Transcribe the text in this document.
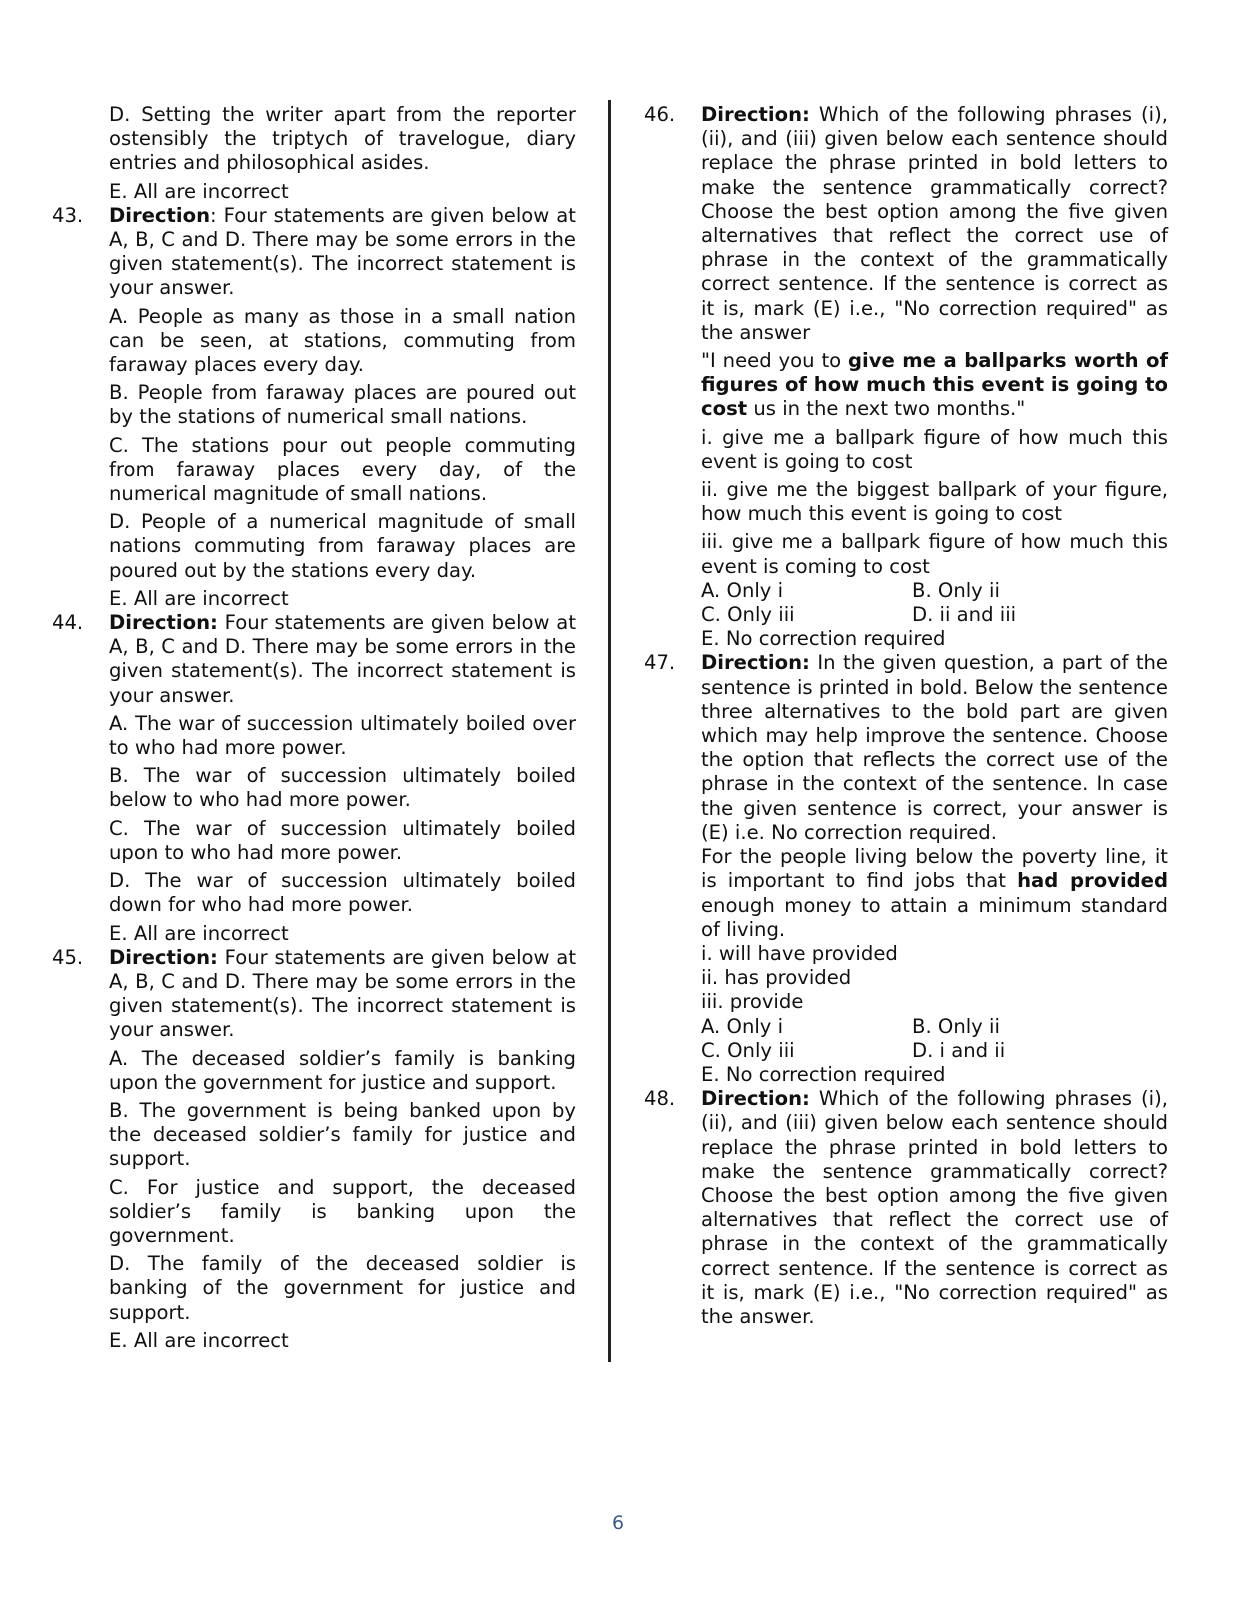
D. Setting the writer apart from the reporter ostensibly the triptych of travelogue, diary entries and philosophical asides.

E. All are incorrect

43.	Direction: Four statements are given below at A, B, C and D. There may be some errors in the given statement(s). The incorrect statement is your answer.

A. People as many as those in a small nation can be seen, at stations, commuting from faraway places every day.

B. People from faraway places are poured out by the stations of numerical small nations.

C. The stations pour out people commuting from faraway places every day, of the numerical magnitude of small nations.

D. People of a numerical magnitude of small nations commuting from faraway places are poured out by the stations every day.

E. All are incorrect

44.	Direction: Four statements are given below at A, B, C and D. There may be some errors in the given statement(s). The incorrect statement is your answer.

A. The war of succession ultimately boiled over to who had more power.

B. The war of succession ultimately boiled below to who had more power.

C. The war of succession ultimately boiled upon to who had more power.

D. The war of succession ultimately boiled down for who had more power.

E. All are incorrect

45.	Direction: Four statements are given below at A, B, C and D. There may be some errors in the given statement(s). The incorrect statement is your answer.

A. The deceased soldier’s family is banking upon the government for justice and support.

B. The government is being banked upon by the deceased soldier’s family for justice and support.

C. For justice and support, the deceased soldier’s family is banking upon the government.

D. The family of the deceased soldier is banking of the government for justice and support.

E. All are incorrect

46.	Direction: Which of the following phrases (i), (ii), and (iii) given below each sentence should replace the phrase printed in bold letters to make the sentence grammatically correct? Choose the best option among the five given alternatives that reflect the correct use of phrase in the context of the grammatically correct sentence. If the sentence is correct as it is, mark (E) i.e., "No correction required" as the answer

"I need you to give me a ballparks worth of figures of how much this event is going to cost us in the next two months."

i. give me a ballpark figure of how much this event is going to cost

ii. give me the biggest ballpark of your figure, how much this event is going to cost

iii. give me a ballpark figure of how much this event is coming to cost

A. Only i	B. Only ii
C. Only iii	D. ii and iii

E. No correction required

47.	Direction: In the given question, a part of the sentence is printed in bold. Below the sentence three alternatives to the bold part are given which may help improve the sentence. Choose the option that reflects the correct use of the phrase in the context of the sentence. In case the given sentence is correct, your answer is (E) i.e. No correction required.

For the people living below the poverty line, it is important to find jobs that had provided enough money to attain a minimum standard of living.

i. will have provided

ii. has provided

iii. provide

A. Only i	B. Only ii
C. Only iii	D. i and ii

E. No correction required

48.	Direction: Which of the following phrases (i), (ii), and (iii) given below each sentence should replace the phrase printed in bold letters to make the sentence grammatically correct? Choose the best option among the five given alternatives that reflect the correct use of phrase in the context of the grammatically correct sentence. If the sentence is correct as it is, mark (E) i.e., "No correction required" as the answer.

6
